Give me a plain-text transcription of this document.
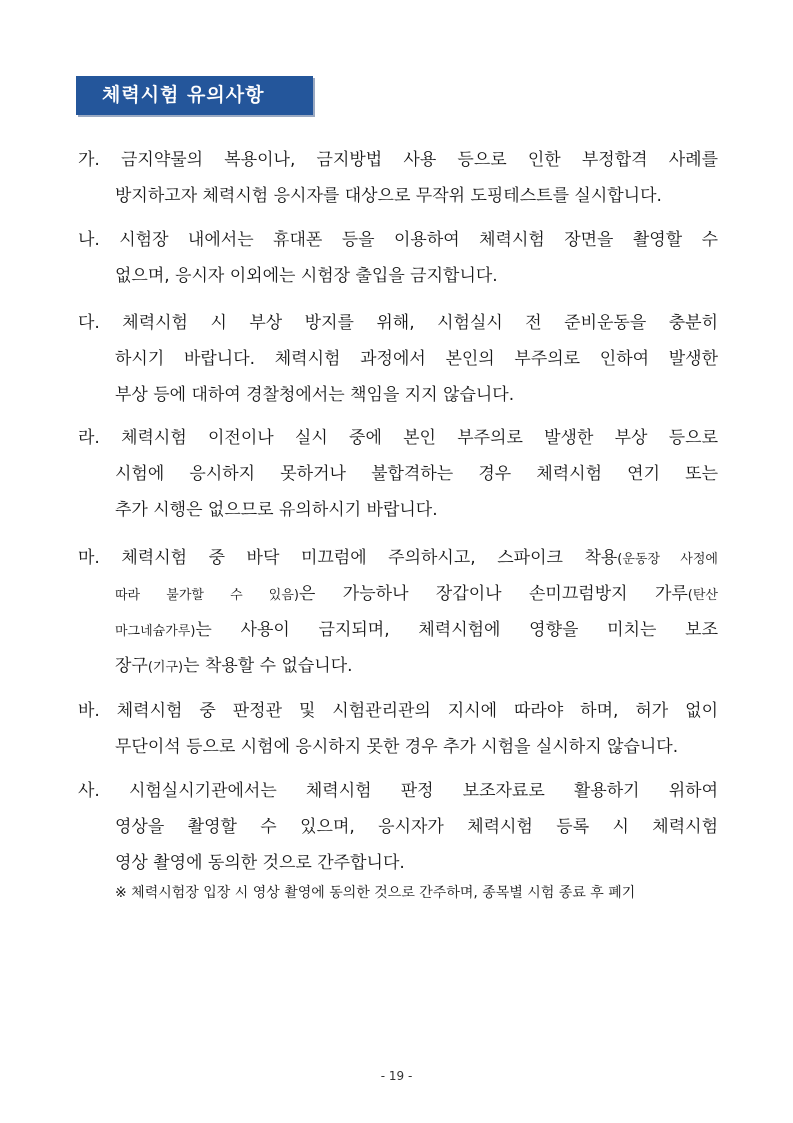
체력시험 유의사항
가. 금지약물의 복용이나, 금지방법 사용 등으로 인한 부정합격 사례를
방지하고자 체력시험 응시자를 대상으로 무작위 도핑테스트를 실시합니다.
나. 시험장 내에서는 휴대폰 등을 이용하여 체력시험 장면을 촬영할 수
없으며, 응시자 이외에는 시험장 출입을 금지합니다.
다. 체력시험 시 부상 방지를 위해, 시험실시 전 준비운동을 충분히
하시기 바랍니다. 체력시험 과정에서 본인의 부주의로 인하여 발생한
부상 등에 대하여 경찰청에서는 책임을 지지 않습니다.
라. 체력시험 이전이나 실시 중에 본인 부주의로 발생한 부상 등으로
시험에 응시하지 못하거나 불합격하는 경우 체력시험 연기 또는
추가 시행은 없으므로 유의하시기 바랍니다.
마. 체력시험 중 바닥 미끄럼에 주의하시고, 스파이크 착용(운동장 사정에
따라 불가할 수 있음)은 가능하나 장갑이나 손미끄럼방지 가루(탄산
마그네슘가루)는 사용이 금지되며, 체력시험에 영향을 미치는 보조
장구(기구)는 착용할 수 없습니다.
바. 체력시험 중 판정관 및 시험관리관의 지시에 따라야 하며, 허가 없이
무단이석 등으로 시험에 응시하지 못한 경우 추가 시험을 실시하지 않습니다.
사. 시험실시기관에서는 체력시험 판정 보조자료로 활용하기 위하여
영상을 촬영할 수 있으며, 응시자가 체력시험 등록 시 체력시험
영상 촬영에 동의한 것으로 간주합니다.
※ 체력시험장 입장 시 영상 촬영에 동의한 것으로 간주하며, 종목별 시험 종료 후 폐기
- 19 -
